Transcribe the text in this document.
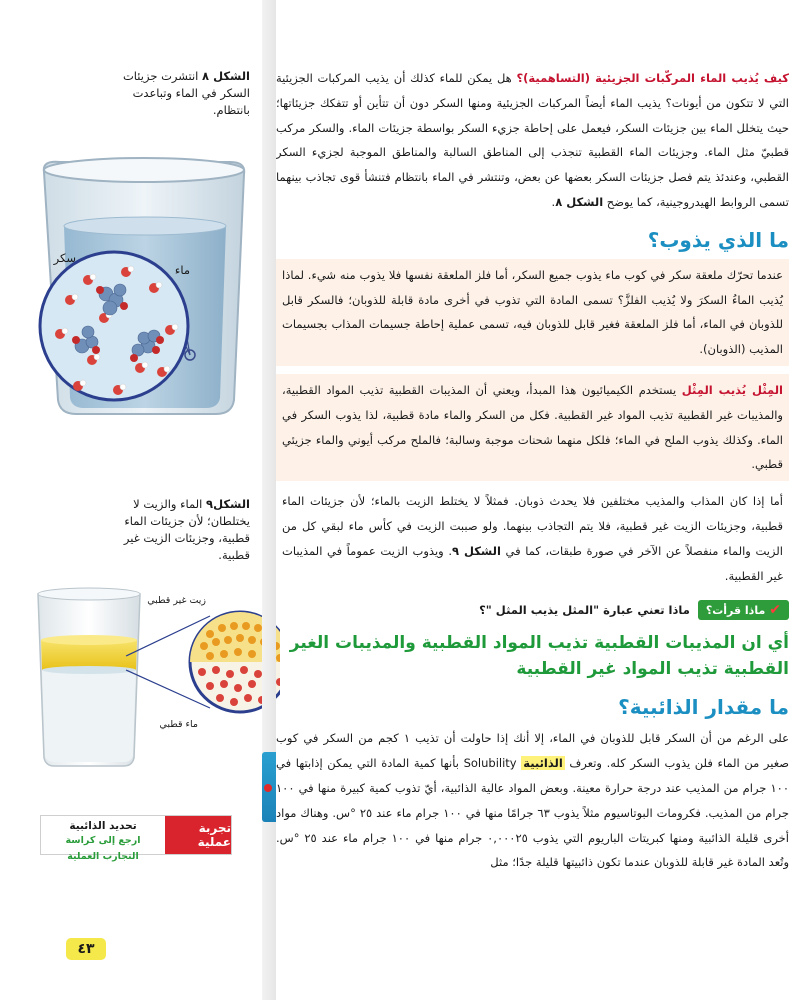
الشكل ٨ انتشرت جزيئات السكر في الماء وتباعدت بانتظام.
سكر
ماء
الشكل٩ الماء والزيت لا يختلطان؛ لأن جزيئات الماء قطبية، وجزيئات الزيت غير قطبية.
زيت غير قطبي
ماء قطبي
تجربة عملية
تحديد الذائبية
ارجع إلى كراسة التجارب العملية
٤٣

كيف يُذيب الماء المركّبات الجزيئية (التساهمية)؟ هل يمكن للماء كذلك أن يذيب المركبات الجزيئية التي لا تتكون من أيونات؟ يذيب الماء أيضاً المركبات الجزيئية ومنها السكر دون أن تتأين أو تتفكك جزيئاتها؛ حيث يتخلل الماء بين جزيئات السكر، فيعمل على إحاطة جزيء السكر بواسطة جزيئات الماء. والسكر مركب قطبيّ مثل الماء. وجزيئات الماء القطبية تنجذب إلى المناطق السالبة والمناطق الموجبة لجزيء السكر القطبي، وعندئذ يتم فصل جزيئات السكر بعضها عن بعض، وتنتشر في الماء بانتظام فتنشأ قوى تجاذب بينهما تسمى الروابط الهيدروجينية، كما يوضح الشكل ٨.

ما الذي يذوب؟

عندما تحرّك ملعقة سكر في كوب ماء يذوب جميع السكر، أما فلز الملعقة نفسها فلا يذوب منه شيء. لماذا يُذيب الماءُ السكرَ ولا يُذيب الفلزَّ؟ تسمى المادة التي تذوب في أخرى مادة قابلة للذوبان؛ فالسكر قابل للذوبان في الماء، أما فلز الملعقة فغير قابل للذوبان فيه، تسمى عملية إحاطة جسيمات المذاب بجسيمات المذيب (الذوبان).

المِثْل يُذيب المِثْل يستخدم الكيميائيون هذا المبدأ، ويعني أن المذيبات القطبية تذيب المواد القطبية، والمذيبات غير القطبية تذيب المواد غير القطبية. فكل من السكر والماء مادة قطبية، لذا يذوب السكر في الماء. وكذلك يذوب الملح في الماء؛ فلكل منهما شحنات موجبة وسالبة؛ فالملح مركب أيوني والماء جزيئي قطبي.

أما إذا كان المذاب والمذيب مختلفين فلا يحدث ذوبان. فمثلاً لا يختلط الزيت بالماء؛ لأن جزيئات الماء قطبية، وجزيئات الزيت غير قطبية، فلا يتم التجاذب بينهما. ولو صببت الزيت في كأس ماء لبقي كل من الزيت والماء منفصلاً عن الآخر في صورة طبقات، كما في الشكل ٩. ويذوب الزيت عموماً في المذيبات غير القطبية.

✔
ماذا قرأت؟
ماذا تعني عبارة "المثل يذيب المثل "؟
أي ان المذيبات القطبية تذيب المواد القطبية والمذيبات الغير القطبية تذيب المواد غير القطبية
ما مقدار الذائبية؟

على الرغم من أن السكر قابل للذوبان في الماء، إلا أنك إذا حاولت أن تذيب ١ كجم من السكر في كوب صغير من الماء فلن يذوب السكر كله. وتعرف الذائبية Solubility بأنها كمية المادة التي يمكن إذابتها في ١٠٠ جرام من المذيب عند درجة حرارة معينة. وبعض المواد عالية الذائبية، أيّ تذوب كمية كبيرة منها في ١٠٠ جرام من المذيب. فكرومات البوتاسيوم مثلاً يذوب ٦٣ جرامًا منها في ١٠٠ جرام ماء عند ٢٥ °س. وهناك مواد أخرى قليلة الذائبية ومنها كبريتات الباريوم التي يذوب ٠,٠٠٠٢٥ جرام منها في ١٠٠ جرام ماء عند ٢٥ °س. وتُعد المادة غير قابلة للذوبان عندما تكون ذائبيتها قليلة جدًا؛ مثل
